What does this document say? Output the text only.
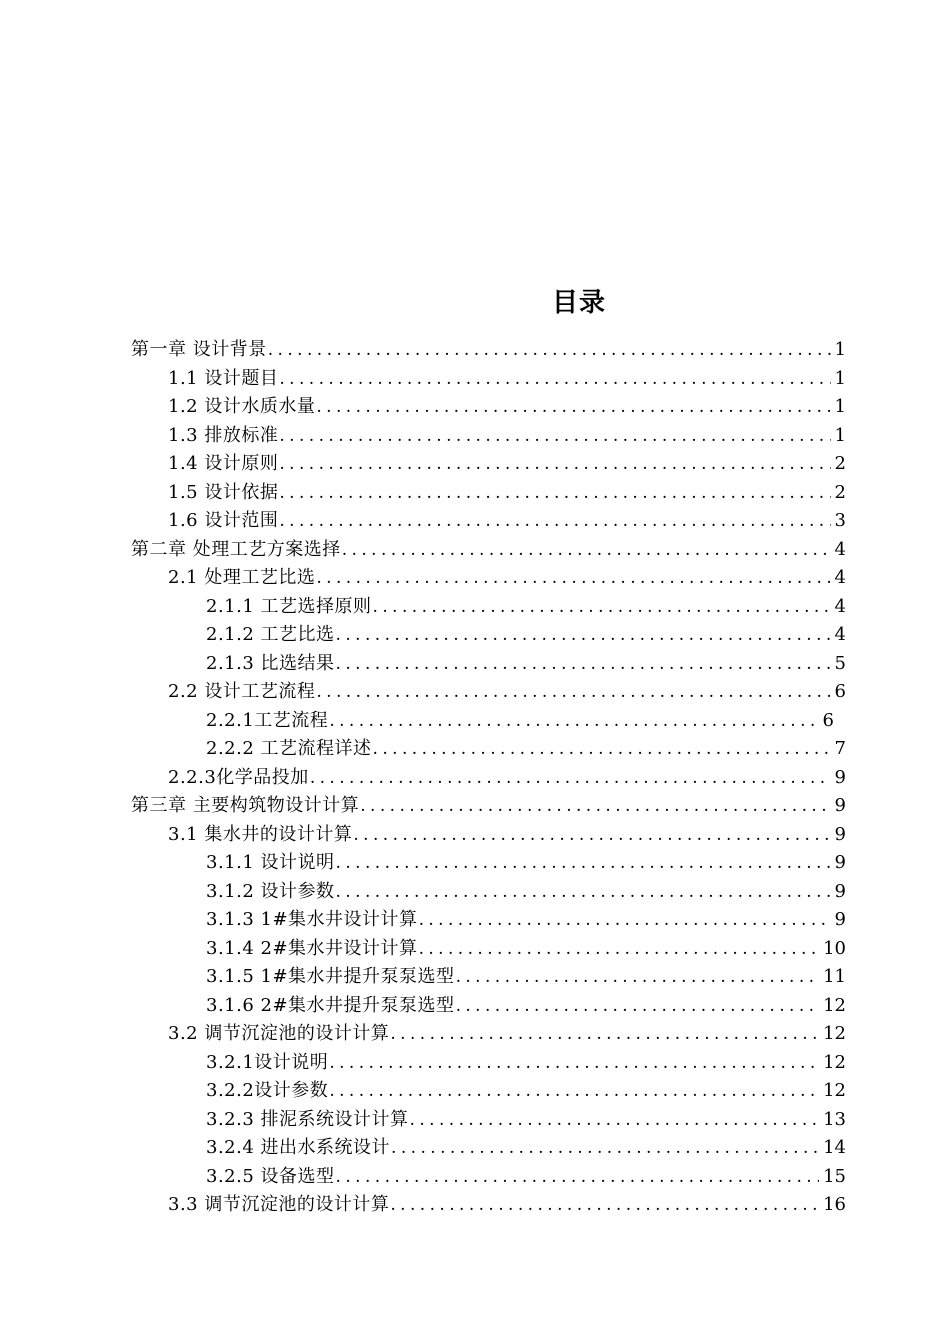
目录
第一章 设计背景 . . .	1
1.1 设计题目 . . .	1
1.2 设计水质水量 . . .	1
1.3 排放标准 . . .	1
1.4 设计原则 . . .	2
1.5 设计依据 . . .	2
1.6 设计范围 . . .	3
第二章 处理工艺方案选择 . . .	4
2.1 处理工艺比选 . . .	4
2.1.1 工艺选择原则 . . .	4
2.1.2 工艺比选 . . .	4
2.1.3 比选结果 . . .	5
2.2 设计工艺流程 . . .	6
2.2.1工艺流程 . . .	6
2.2.2 工艺流程详述 . . .	7
2.2.3化学品投加 . . .	9
第三章 主要构筑物设计计算 . . .	9
3.1 集水井的设计计算 . . .	9
3.1.1 设计说明 . . .	9
3.1.2 设计参数 . . .	9
3.1.3 1#集水井设计计算 . . .	9
3.1.4 2#集水井设计计算 . . .	10
3.1.5 1#集水井提升泵泵选型 . . .	11
3.1.6 2#集水井提升泵泵选型 . . .	12
3.2 调节沉淀池的设计计算 . . .	12
3.2.1设计说明 . . .	12
3.2.2设计参数 . . .	12
3.2.3 排泥系统设计计算 . . .	13
3.2.4 进出水系统设计 . . .	14
3.2.5 设备选型 . . .	15
3.3 调节沉淀池的设计计算 . . .	16
